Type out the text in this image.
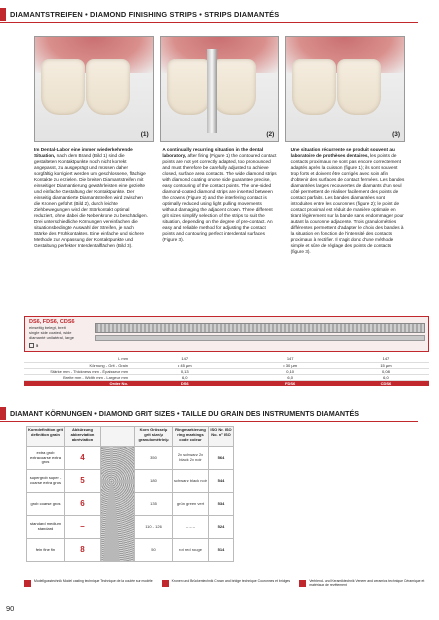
DIAMANTSTREIFEN • DIAMOND FINISHING STRIPS • STRIPS DIAMANTÉS
(1)	(2)	(3)

Im Dental-Labor eine immer wiederkehrende Situation, nach dem Brand (Bild 1) sind die gestalteten Kontaktpunkte noch nicht korrekt angepasst, zu ausgeprägt und müssen daher sorgfältig korrigiert werden um geschlossene, flächige Kontakte zu erzielen. Die breiten Diamantstreifen mit einseitiger Diamantierung gewährleisten eine gezielte und einfache Gestaltung der Kontaktpunkte. Der einseitig diamantierte Diamantstreifen wird zwischen die Kronen geführt (Bild 2), durch leichte Ziehbewegungen wird der Störkontakt optimal reduziert, ohne dabei die Nebenkrone zu beschädigen. Drei unterschiedliche Körnungen vereinfachen die situationsbedingte Auswahl der Streifen, je nach Stärke des Frühkontaktes. Eine einfache und sichere Methode zur Anpassung der Kontaktpunkte und Gestaltung perfekter Interdentalflächen (Bild 3).

A continually recurring situation in the dental laboratory, after firing (Figure 1) the contoured contact points are not yet correctly adapted, too pronounced and must therefore be carefully adjusted to achieve closed, surface area contacts. The wide diamond strips with diamond coating onone side guarantee precise, easy contouring of the contact points. The one-sided diamond-coated diamond strips are inserted between the crowns (Figure 2) and the interfering contact is optimally reduced using light pulling movements without damaging the adjacent crown. Three different grit sizes simplify selection of the strips to suit the situation, depending on the degree of pre-contact. An easy and reliable method for adjusting the contact points and contouring perfect interdental surfaces (Figure 3).

Une situation récurrente se produit souvent au laboratoire de prothèses dentaires, les points de contacts proximaux ne sont pas encore correctement adaptés après la cuisson (figure 1); ils sont souvent trop forts et doivent être corrigés avec soin afin d'obtenir des surfaces de contact fermées. Les bandes diamantées larges recouvertes de diamants d'un seul côté permettent de réaliser facilement des points de contact parfaits. Les bandes diamantées sont introduites entre les couronnes (figure 2); le point de contact proximal est réduit de manière optimale en tirant légèrement sur la bande sans endommager pour autant la couronne adjacente. Trois granulométries différentes permettent d'adapter le choix des bandes à la situation en fonction de l'intensité des contacts proximaux à rectifier. Il s'agit donc d'une méthode simple et sûre de réglage des points de contacts (figure 3).

DS6, FDS6, CDS6
einseitig belegt, breit
single side coated, wide
diamanté unilatéral, large
5
L mm	147	147	147
Körnung - Grit - Grain	• 45 µm	• 30 µm	15 µm
Stärke mm - Thickness mm - Épaisseur mm	0,13	0,10	0,08
Breite mm - Width mm - Largeur mm	6,0	6,0	6,0
Order No.	DS6	FDS6	CDS6
DIAMANT KÖRNUNGEN • DIAMOND GRIT SIZES • TAILLE DU GRAIN DES INSTRUMENTS DIAMANTÉS
Korndefinition grit definition grain	Abkürzung abbreviation abréviation		Korn Grösse/µ grit size/µ granulométrie/µ	Ringmarkierung ring markings code coleur	ISO Nr. ISO No. n° ISO
extra grob extracoarse extra gros	4		350	2x schwarz 2x black 2x noir	564
supergrob super - coarse extra gros	5		180	schwarz black noir	544
grob coarse gros	6		135	grün green vert	534
standard medium standard	–		110 - 126	– – –	524
fein fine fin	8		50	rot red rouge	514
Modellgusstechnik Model casting technique Technique de la coulée sur modèle	Kronen und Brückentechnik Crown and bridge technique Couronnes et bridges	Verblend- und Keramiktechnik Veneer and ceramics technique Céramique et matériaux de revêtement
90
